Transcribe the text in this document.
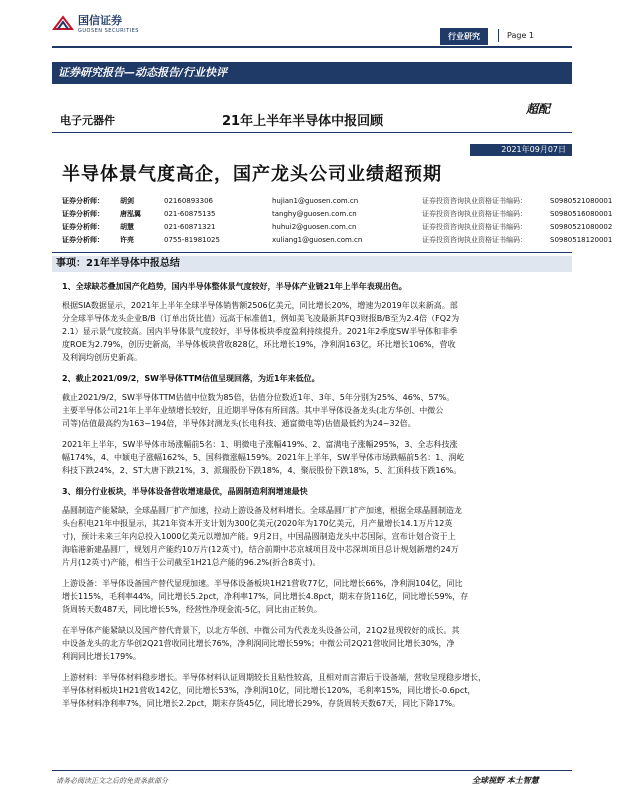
国信证券
GUOSEN SECURITIES
行业研究	Page 1
证券研究报告—动态报告/行业快评
电子元器件	21年上半年半导体中报回顾
超配
2021年09月07日
半导体景气度高企，国产龙头公司业绩超预期
证券分析师：	胡剑	02160893306	hujian1@guosen.com.cn	证券投资咨询执业资格证书编码：	S0980521080001
证券分析师：	唐泓翼	021-60875135	tanghy@guosen.com.cn	证券投资咨询执业资格证书编码：	S0980516080001
证券分析师：	胡慧	021-60871321	huhui2@guosen.com.cn	证券投资咨询执业资格证书编码：	S0980521080002
证券分析师：	许亮	0755-81981025	xuliang1@guosen.com.cn	证券投资咨询执业资格证书编码：	S0980518120001
事项：21年半导体中报总结
1、全球缺芯叠加国产化趋势，国内半导体整体景气度较好，半导体产业链21年上半年表现出色。
根据SIA数据显示，2021年上半年全球半导体销售额2506亿美元，同比增长20%，增速为2019年以来新高。部
分全球半导体龙头企业B/B（订单出货比值）远高于标准值1，例如美飞凌最新其FQ3财报B/B至为2.4倍（FQ2为
2.1）显示景气度较高。国内半导体景气度较好，半导体板块季度盈利持续提升。2021年2季度SW半导体和非季
度ROE为2.79%，创历史新高，半导体板块营收828亿，环比增长19%，净利润163亿，环比增长106%，营收
及利润均创历史新高。
2、截止2021/09/2，SW半导体TTM估值呈现回落，为近1年来低位。
截止2021/9/2，SW半导体TTM估值中位数为85倍，估值分位数近1年、3年、5年分别为25%、46%、57%。
主要半导体公司21年上半年业绩增长较好，且近期半导体有所回落。其中半导体设备龙头(北方华创、中微公
司等)估值最高约为163~194倍，半导体封测龙头(长电科技、通富微电等)估值最低约为24~32倍。
2021年上半年，SW半导体市场涨幅前5名：1、明微电子涨幅419%、2、富满电子涨幅295%，3、全志科技涨
幅174%，4、中颖电子涨幅162%，5、国科微涨幅159%。2021年上半年，SW半导体市场跌幅前5名：1、润屹
科技下跌24%，2、ST大唐下跌21%，3、派瑞股份下跌18%，4、聚辰股份下跌18%，5、汇顶科技下跌16%。
3、细分行业板块，半导体设备营收增速最优，晶圆制造利润增速最快
晶圆制造产能紧缺，全球晶圆厂扩产加速，拉动上游设备及材料增长。全球晶圆厂扩产加速，根据全球晶圆制造龙
头台积电21年中报显示，其21年资本开支计划为300亿美元(2020年为170亿美元，月产量增长14.1万片12英
寸)，预计未来三年内总投入1000亿美元以增加产能。9月2日，中国晶圆制造龙头中芯国际，宣布计划合资于上
海临港新建晶圆厂，规划月产能约10万片(12英寸)，结合前期中芯京城项目及中芯深圳项目总计规划新增约24万
片月(12英寸)产能，相当于公司截至1H21总产能的96.2%(折合8英寸)。
上游设备：半导体设备国产替代显现加速。半导体设备板块1H21营收77亿，同比增长66%，净利润104亿，同比
增长115%，毛利率44%，同比增长5.2pct，净利率17%，同比增长4.8pct，期末存货116亿，同比增长59%，存
货周转天数487天，同比增长5%，经营性净现金流-5亿，同比由正转负。
在半导体产能紧缺以及国产替代背景下，以北方华创、中微公司为代表龙头设备公司，21Q2显现较好的成长。其
中设备龙头的北方华创2Q21营收同比增长76%，净利润同比增长59%；中微公司2Q21营收同比增长30%，净
利润同比增长179%。
上游材料：半导体材料稳步增长。半导体材料认证周期较长且粘性较高，且相对而言滞后于设备端，营收呈现稳步增长，
半导体材料板块1H21营收142亿，同比增长53%，净利润10亿，同比增长120%，毛利率15%，同比增长-0.6pct，
半导体材料净利率7%，同比增长2.2pct，期末存货45亿，同比增长29%，存货周转天数67天，同比下降17%。
请务必阅读正文之后的免责条款部分	全球视野 本土智慧
